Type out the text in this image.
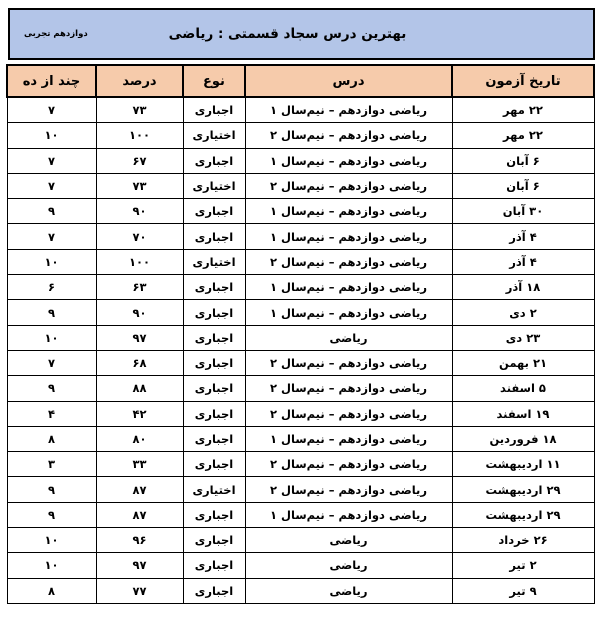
بهترین درس سجاد قسمتی : ریاضی
دوازدهم تجربی
تاریخ آزمون	درس	نوع	درصد	چند از ده
۲۲ مهر	ریاضی دوازدهم – نیم‌سال ۱	اجباری	۷۳	۷
۲۲ مهر	ریاضی دوازدهم – نیم‌سال ۲	اختیاری	۱۰۰	۱۰
۶ آبان	ریاضی دوازدهم – نیم‌سال ۱	اجباری	۶۷	۷
۶ آبان	ریاضی دوازدهم – نیم‌سال ۲	اختیاری	۷۳	۷
۳۰ آبان	ریاضی دوازدهم – نیم‌سال ۱	اجباری	۹۰	۹
۴ آذر	ریاضی دوازدهم – نیم‌سال ۱	اجباری	۷۰	۷
۴ آذر	ریاضی دوازدهم – نیم‌سال ۲	اختیاری	۱۰۰	۱۰
۱۸ آذر	ریاضی دوازدهم – نیم‌سال ۱	اجباری	۶۳	۶
۲ دی	ریاضی دوازدهم – نیم‌سال ۱	اجباری	۹۰	۹
۲۳ دی	ریاضی	اجباری	۹۷	۱۰
۲۱ بهمن	ریاضی دوازدهم – نیم‌سال ۲	اجباری	۶۸	۷
۵ اسفند	ریاضی دوازدهم – نیم‌سال ۲	اجباری	۸۸	۹
۱۹ اسفند	ریاضی دوازدهم – نیم‌سال ۲	اجباری	۴۲	۴
۱۸ فروردین	ریاضی دوازدهم – نیم‌سال ۱	اجباری	۸۰	۸
۱۱ اردیبهشت	ریاضی دوازدهم – نیم‌سال ۲	اجباری	۳۳	۳
۲۹ اردیبهشت	ریاضی دوازدهم – نیم‌سال ۲	اختیاری	۸۷	۹
۲۹ اردیبهشت	ریاضی دوازدهم – نیم‌سال ۱	اجباری	۸۷	۹
۲۶ خرداد	ریاضی	اجباری	۹۶	۱۰
۲ تیر	ریاضی	اجباری	۹۷	۱۰
۹ تیر	ریاضی	اجباری	۷۷	۸
